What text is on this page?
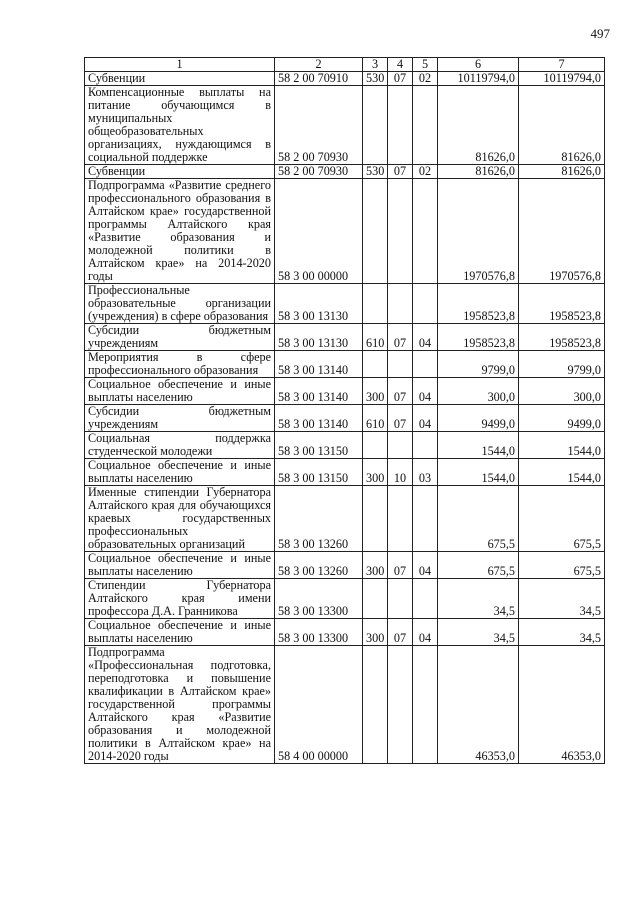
497
1	2	3	4	5	6	7
Субвенции	58 2 00 70910	530	07	02	10119794,0	10119794,0
Компенсационные выплаты на питание обучающимся в муниципальных общеобразовательных организациях, нуждающимся в социальной поддержке	58 2 00 70930				81626,0	81626,0
Субвенции	58 2 00 70930	530	07	02	81626,0	81626,0
Подпрограмма «Развитие среднего профессионального образования в Алтайском крае» государственной программы Алтайского края «Развитие образования и молодежной политики в Алтайском крае» на 2014-2020 годы	58 3 00 00000				1970576,8	1970576,8
Профессиональные образовательные организации (учреждения) в сфере образования	58 3 00 13130				1958523,8	1958523,8
Субсидии бюджетным учреждениям	58 3 00 13130	610	07	04	1958523,8	1958523,8
Мероприятия в сфере профессионального образования	58 3 00 13140				9799,0	9799,0
Социальное обеспечение и иные выплаты населению	58 3 00 13140	300	07	04	300,0	300,0
Субсидии бюджетным учреждениям	58 3 00 13140	610	07	04	9499,0	9499,0
Социальная поддержка студенческой молодежи	58 3 00 13150				1544,0	1544,0
Социальное обеспечение и иные выплаты населению	58 3 00 13150	300	10	03	1544,0	1544,0
Именные стипендии Губернатора Алтайского края для обучающихся краевых государственных профессиональных образовательных организаций	58 3 00 13260				675,5	675,5
Социальное обеспечение и иные выплаты населению	58 3 00 13260	300	07	04	675,5	675,5
Стипендии Губернатора Алтайского края имени профессора Д.А. Гранникова	58 3 00 13300				34,5	34,5
Социальное обеспечение и иные выплаты населению	58 3 00 13300	300	07	04	34,5	34,5
Подпрограмма «Профессиональная подготовка, переподготовка и повышение квалификации в Алтайском крае» государственной программы Алтайского края «Развитие образования и молодежной политики в Алтайском крае» на 2014-2020 годы	58 4 00 00000				46353,0	46353,0
